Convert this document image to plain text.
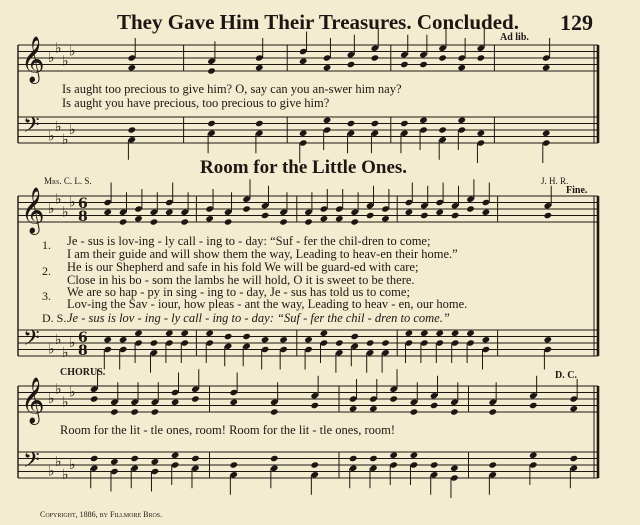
𝄞
𝄢
♭
♭
♭
♭
♭
♭
♭
♭
𝄞
𝄢
♭
♭
♭
♭
♭
♭
♭
♭
6
8
6
8
𝄞
𝄢
♭
♭
♭
♭
♭
♭
♭
♭
They Gave Him Their Treasures. Concluded. 129
Ad lib.
Is aught too precious to give him? O, say can you an-swer him nay?
Is aught you have precious, too precious to give him?
Room for the Little Ones.
Mrs. C. L. S.	J. H. R.
Fine.
1.
2.
3.
Je - sus is lov-ing - ly call - ing to - day: “Suf - fer the chil-dren to come;
I am their guide and will show them the way, Leading to heav-en their home.”
He is our Shepherd and safe in his fold We will be guard-ed with care;
Close in his bo - som the lambs he will hold, O it is sweet to be there.
We are so hap - py in sing - ing to - day, Je - sus has told us to come;
Lov-ing the Sav - iour, how pleas - ant the way, Leading to heav - en, our home.
D. S. Je - sus is lov - ing - ly call - ing to - day: “Suf - fer the chil - dren to come.”
CHORUS.	D. C.
Room for the lit - tle ones, room! Room for the lit - tle ones, room!
Copyright, 1886, by Fillmore Bros.
